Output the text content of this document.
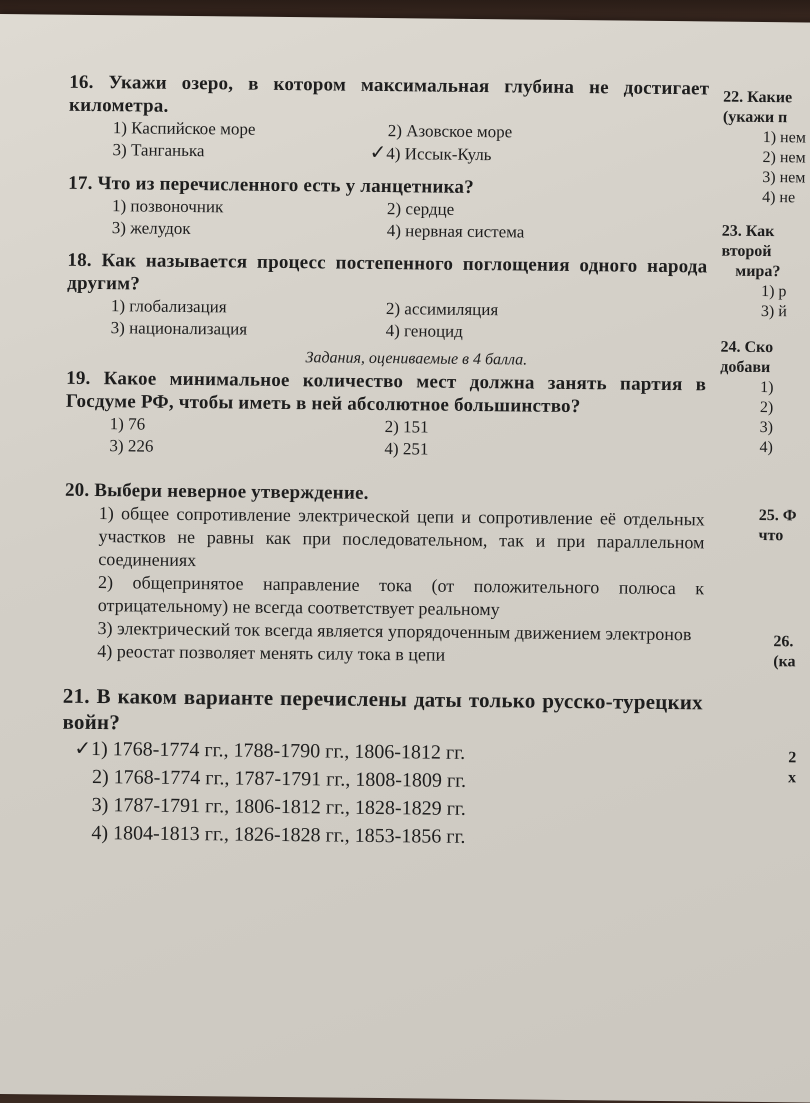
16. Укажи озеро, в котором максимальная глубина не достигает километра.
1) Каспийское море	2) Азовское море
3) Танганька	✓4) Иссык-Куль
17. Что из перечисленного есть у ланцетника?
1) позвоночник	2) сердце
3) желудок	4) нервная система
18. Как называется процесс постепенного поглощения одного народа другим?
1) глобализация	2) ассимиляция
3) национализация	4) геноцид
Задания, оцениваемые в 4 балла.
19. Какое минимальное количество мест должна занять партия в Госдуме РФ, чтобы иметь в ней абсолютное большинство?
1) 76	2) 151
3) 226	4) 251
20. Выбери неверное утверждение.
1) общее сопротивление электрической цепи и сопротивление её отдельных участков не равны как при последовательном, так и при параллельном соединениях
2) общепринятое направление тока (от положительного полюса к отрицательному) не всегда соответствует реальному
3) электрический ток всегда является упорядоченным движением электронов
4) реостат позволяет менять силу тока в цепи
21. В каком варианте перечислены даты только русско-турецких войн?
✓1) 1768-1774 гг., 1788-1790 гг., 1806-1812 гг.
2) 1768-1774 гг., 1787-1791 гг., 1808-1809 гг.
3) 1787-1791 гг., 1806-1812 гг., 1828-1829 гг.
4) 1804-1813 гг., 1826-1828 гг., 1853-1856 гг.
22. Какие
(укажи п
1) нем
2) нем
3) нем
4) не
23. Как
второй
мира?
1) р
3) й
24. Ско
добави
1)
2)
3)
4)
25. Ф
что
26.
(ка
2
х
